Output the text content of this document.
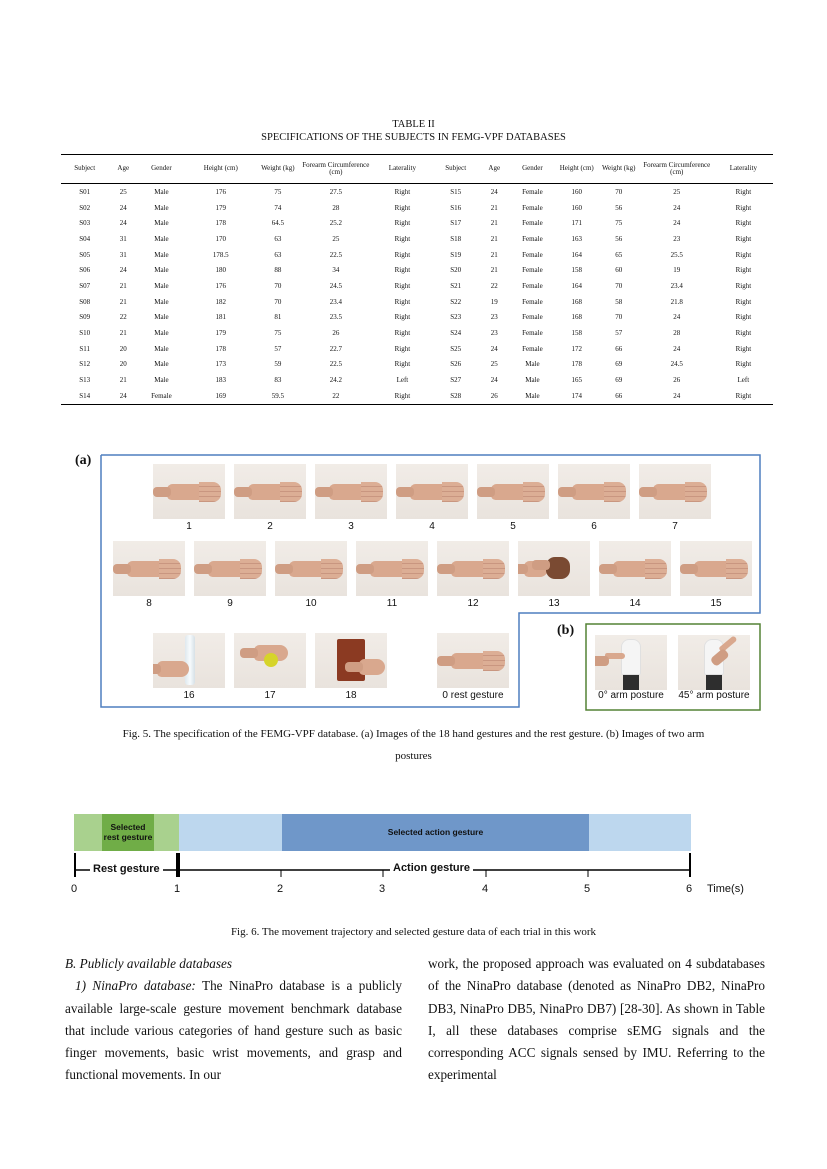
TABLE II
SPECIFICATIONS OF THE SUBJECTS IN FEMG-VPF DATABASES
Subject	Age	Gender	Height (cm)	Weight (kg)	Forearm Circumference (cm)	Laterality	Subject	Age	Gender	Height (cm)	Weight (kg)	Forearm Circumference (cm)	Laterality
S01	25	Male	176	75	27.5	Right	S15	24	Female	160	70	25	Right
S02	24	Male	179	74	28	Right	S16	21	Female	160	56	24	Right
S03	24	Male	178	64.5	25.2	Right	S17	21	Female	171	75	24	Right
S04	31	Male	170	63	25	Right	S18	21	Female	163	56	23	Right
S05	31	Male	178.5	63	22.5	Right	S19	21	Female	164	65	25.5	Right
S06	24	Male	180	88	34	Right	S20	21	Female	158	60	19	Right
S07	21	Male	176	70	24.5	Right	S21	22	Female	164	70	23.4	Right
S08	21	Male	182	70	23.4	Right	S22	19	Female	168	58	21.8	Right
S09	22	Male	181	81	23.5	Right	S23	23	Female	168	70	24	Right
S10	21	Male	179	75	26	Right	S24	23	Female	158	57	28	Right
S11	20	Male	178	57	22.7	Right	S25	24	Female	172	66	24	Right
S12	20	Male	173	59	22.5	Right	S26	25	Male	178	69	24.5	Right
S13	21	Male	183	83	24.2	Left	S27	24	Male	165	69	26	Left
S14	24	Female	169	59.5	22	Right	S28	26	Male	174	66	24	Right
(a)
(b)
1	2	3	4	5	6	7
8	9	10	11	12	13	14	15
16	17	18	0 rest gesture	0° arm posture	45° arm posture
Fig. 5. The specification of the FEMG-VPF database. (a) Images of the 18 hand gestures and the rest gesture. (b) Images of two arm
postures
Selected
rest gesture	Selected action gesture
Rest gesture	Action gesture
0	1	2	3	4	5	6 Time(s)
Fig. 6. The movement trajectory and selected gesture data of each trial in this work

B. Publicly available databases

1) NinaPro database: The NinaPro database is a publicly available large-scale gesture movement benchmark database that include various categories of hand gesture such as basic finger movements, basic wrist movements, and grasp and functional movements. In our

work, the proposed approach was evaluated on 4 subdatabases of the NinaPro database (denoted as NinaPro DB2, NinaPro DB3, NinaPro DB5, NinaPro DB7) [28-30]. As shown in Table I, all these databases comprise sEMG signals and the corresponding ACC signals sensed by IMU. Referring to the experimental
